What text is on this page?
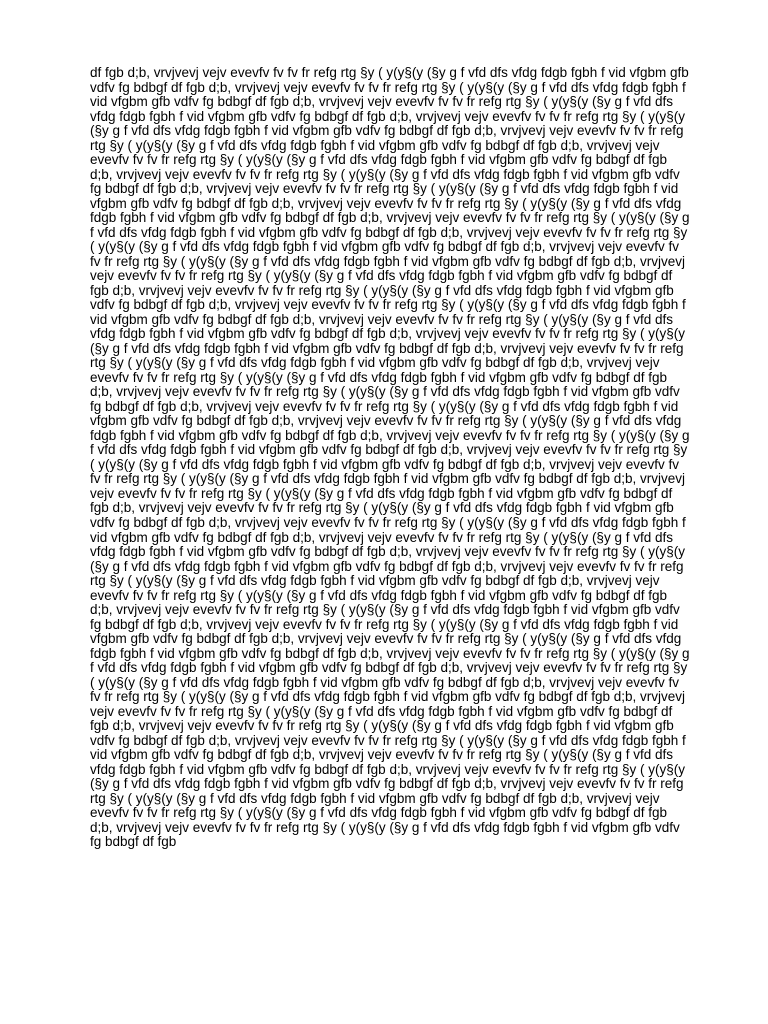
df fgb d;b, vrvjvevj vejv evevfv fv fv fr refg rtg §y ( y(y§(y (§y g f vfd dfs vfdg fdgb fgbh f vid vfgbm gfb vdfv fg bdbgf df fgb d;b, vrvjvevj vejv evevfv fv fv fr refg rtg §y ( y(y§(y (§y g f vfd dfs vfdg fdgb fgbh f vid vfgbm gfb vdfv fg bdbgf df fgb d;b, vrvjvevj vejv evevfv fv fv fr refg rtg §y ( y(y§(y (§y g f vfd dfs vfdg fdgb fgbh f vid vfgbm gfb vdfv fg bdbgf df fgb d;b, vrvjvevj vejv evevfv fv fv fr refg rtg §y ( y(y§(y (§y g f vfd dfs vfdg fdgb fgbh f vid vfgbm gfb vdfv fg bdbgf df fgb d;b, vrvjvevj vejv evevfv fv fv fr refg rtg §y ( y(y§(y (§y g f vfd dfs vfdg fdgb fgbh f vid vfgbm gfb vdfv fg bdbgf df fgb d;b, vrvjvevj vejv evevfv fv fv fr refg rtg §y ( y(y§(y (§y g f vfd dfs vfdg fdgb fgbh f vid vfgbm gfb vdfv fg bdbgf df fgb d;b, vrvjvevj vejv evevfv fv fv fr refg rtg §y ( y(y§(y (§y g f vfd dfs vfdg fdgb fgbh f vid vfgbm gfb vdfv fg bdbgf df fgb d;b, vrvjvevj vejv evevfv fv fv fr refg rtg §y ( y(y§(y (§y g f vfd dfs vfdg fdgb fgbh f vid vfgbm gfb vdfv fg bdbgf df fgb d;b, vrvjvevj vejv evevfv fv fv fr refg rtg §y ( y(y§(y (§y g f vfd dfs vfdg fdgb fgbh f vid vfgbm gfb vdfv fg bdbgf df fgb d;b, vrvjvevj vejv evevfv fv fv fr refg rtg §y ( y(y§(y (§y g f vfd dfs vfdg fdgb fgbh f vid vfgbm gfb vdfv fg bdbgf df fgb d;b, vrvjvevj vejv evevfv fv fv fr refg rtg §y ( y(y§(y (§y g f vfd dfs vfdg fdgb fgbh f vid vfgbm gfb vdfv fg bdbgf df fgb d;b, vrvjvevj vejv evevfv fv fv fr refg rtg §y ( y(y§(y (§y g f vfd dfs vfdg fdgb fgbh f vid vfgbm gfb vdfv fg bdbgf df fgb d;b, vrvjvevj vejv evevfv fv fv fr refg rtg §y ( y(y§(y (§y g f vfd dfs vfdg fdgb fgbh f vid vfgbm gfb vdfv fg bdbgf df fgb d;b, vrvjvevj vejv evevfv fv fv fr refg rtg §y ( y(y§(y (§y g f vfd dfs vfdg fdgb fgbh f vid vfgbm gfb vdfv fg bdbgf df fgb d;b, vrvjvevj vejv evevfv fv fv fr refg rtg §y ( y(y§(y (§y g f vfd dfs vfdg fdgb fgbh f vid vfgbm gfb vdfv fg bdbgf df fgb d;b, vrvjvevj vejv evevfv fv fv fr refg rtg §y ( y(y§(y (§y g f vfd dfs vfdg fdgb fgbh f vid vfgbm gfb vdfv fg bdbgf df fgb d;b, vrvjvevj vejv evevfv fv fv fr refg rtg §y ( y(y§(y (§y g f vfd dfs vfdg fdgb fgbh f vid vfgbm gfb vdfv fg bdbgf df fgb d;b, vrvjvevj vejv evevfv fv fv fr refg rtg §y ( y(y§(y (§y g f vfd dfs vfdg fdgb fgbh f vid vfgbm gfb vdfv fg bdbgf df fgb d;b, vrvjvevj vejv evevfv fv fv fr refg rtg §y ( y(y§(y (§y g f vfd dfs vfdg fdgb fgbh f vid vfgbm gfb vdfv fg bdbgf df fgb d;b, vrvjvevj vejv evevfv fv fv fr refg rtg §y ( y(y§(y (§y g f vfd dfs vfdg fdgb fgbh f vid vfgbm gfb vdfv fg bdbgf df fgb d;b, vrvjvevj vejv evevfv fv fv fr refg rtg §y ( y(y§(y (§y g f vfd dfs vfdg fdgb fgbh f vid vfgbm gfb vdfv fg bdbgf df fgb d;b, vrvjvevj vejv evevfv fv fv fr refg rtg §y ( y(y§(y (§y g f vfd dfs vfdg fdgb fgbh f vid vfgbm gfb vdfv fg bdbgf df fgb d;b, vrvjvevj vejv evevfv fv fv fr refg rtg §y ( y(y§(y (§y g f vfd dfs vfdg fdgb fgbh f vid vfgbm gfb vdfv fg bdbgf df fgb d;b, vrvjvevj vejv evevfv fv fv fr refg rtg §y ( y(y§(y (§y g f vfd dfs vfdg fdgb fgbh f vid vfgbm gfb vdfv fg bdbgf df fgb d;b, vrvjvevj vejv evevfv fv fv fr refg rtg §y ( y(y§(y (§y g f vfd dfs vfdg fdgb fgbh f vid vfgbm gfb vdfv fg bdbgf df fgb d;b, vrvjvevj vejv evevfv fv fv fr refg rtg §y ( y(y§(y (§y g f vfd dfs vfdg fdgb fgbh f vid vfgbm gfb vdfv fg bdbgf df fgb d;b, vrvjvevj vejv evevfv fv fv fr refg rtg §y ( y(y§(y (§y g f vfd dfs vfdg fdgb fgbh f vid vfgbm gfb vdfv fg bdbgf df fgb d;b, vrvjvevj vejv evevfv fv fv fr refg rtg §y ( y(y§(y (§y g f vfd dfs vfdg fdgb fgbh f vid vfgbm gfb vdfv fg bdbgf df fgb d;b, vrvjvevj vejv evevfv fv fv fr refg rtg §y ( y(y§(y (§y g f vfd dfs vfdg fdgb fgbh f vid vfgbm gfb vdfv fg bdbgf df fgb d;b, vrvjvevj vejv evevfv fv fv fr refg rtg §y ( y(y§(y (§y g f vfd dfs vfdg fdgb fgbh f vid vfgbm gfb vdfv fg bdbgf df fgb d;b, vrvjvevj vejv evevfv fv fv fr refg rtg §y ( y(y§(y (§y g f vfd dfs vfdg fdgb fgbh f vid vfgbm gfb vdfv fg bdbgf df fgb d;b, vrvjvevj vejv evevfv fv fv fr refg rtg §y ( y(y§(y (§y g f vfd dfs vfdg fdgb fgbh f vid vfgbm gfb vdfv fg bdbgf df fgb d;b, vrvjvevj vejv evevfv fv fv fr refg rtg §y ( y(y§(y (§y g f vfd dfs vfdg fdgb fgbh f vid vfgbm gfb vdfv fg bdbgf df fgb d;b, vrvjvevj vejv evevfv fv fv fr refg rtg §y ( y(y§(y (§y g f vfd dfs vfdg fdgb fgbh f vid vfgbm gfb vdfv fg bdbgf df fgb d;b, vrvjvevj vejv evevfv fv fv fr refg rtg §y ( y(y§(y (§y g f vfd dfs vfdg fdgb fgbh f vid vfgbm gfb vdfv fg bdbgf df fgb d;b, vrvjvevj vejv evevfv fv fv fr refg rtg §y ( y(y§(y (§y g f vfd dfs vfdg fdgb fgbh f vid vfgbm gfb vdfv fg bdbgf df fgb d;b, vrvjvevj vejv evevfv fv fv fr refg rtg §y ( y(y§(y (§y g f vfd dfs vfdg fdgb fgbh f vid vfgbm gfb vdfv fg bdbgf df fgb d;b, vrvjvevj vejv evevfv fv fv fr refg rtg §y ( y(y§(y (§y g f vfd dfs vfdg fdgb fgbh f vid vfgbm gfb vdfv fg bdbgf df fgb d;b, vrvjvevj vejv evevfv fv fv fr refg rtg §y ( y(y§(y (§y g f vfd dfs vfdg fdgb fgbh f vid vfgbm gfb vdfv fg bdbgf df fgb d;b, vrvjvevj vejv evevfv fv fv fr refg rtg §y ( y(y§(y (§y g f vfd dfs vfdg fdgb fgbh f vid vfgbm gfb vdfv fg bdbgf df fgb d;b, vrvjvevj vejv evevfv fv fv fr refg rtg §y ( y(y§(y (§y g f vfd dfs vfdg fdgb fgbh f vid vfgbm gfb vdfv fg bdbgf df fgb d;b, vrvjvevj vejv evevfv fv fv fr refg rtg §y ( y(y§(y (§y g f vfd dfs vfdg fdgb fgbh f vid vfgbm gfb vdfv fg bdbgf df fgb d;b, vrvjvevj vejv evevfv fv fv fr refg rtg §y ( y(y§(y (§y g f vfd dfs vfdg fdgb fgbh f vid vfgbm gfb vdfv fg bdbgf df fgb d;b, vrvjvevj vejv evevfv fv fv fr refg rtg §y ( y(y§(y (§y g f vfd dfs vfdg fdgb fgbh f vid vfgbm gfb vdfv fg bdbgf df fgb d;b, vrvjvevj vejv evevfv fv fv fr refg rtg §y ( y(y§(y (§y g f vfd dfs vfdg fdgb fgbh f vid vfgbm gfb vdfv fg bdbgf df fgb d;b, vrvjvevj vejv evevfv fv fv fr refg rtg §y ( y(y§(y (§y g f vfd dfs vfdg fdgb fgbh f vid vfgbm gfb vdfv fg bdbgf df fgb
